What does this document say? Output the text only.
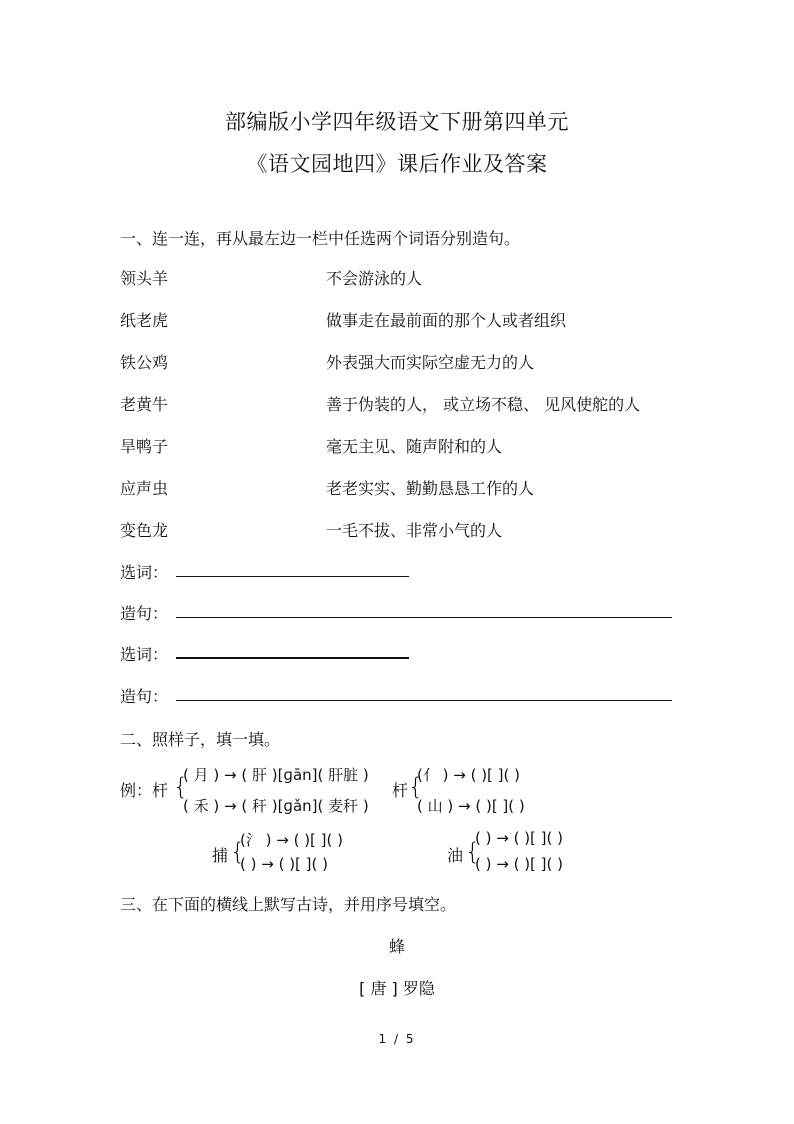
部编版小学四年级语文下册第四单元
《语文园地四》课后作业及答案
一、连一连，再从最左边一栏中任选两个词语分别造句。
领头羊
纸老虎
铁公鸡
老黄牛
旱鸭子
应声虫
变色龙
不会游泳的人
做事走在最前面的那个人或者组织
外表强大而实际空虚无力的人
善于伪装的人， 或立场不稳、 见风使舵的人
毫无主见、随声附和的人
老老实实、勤勤恳恳工作的人
一毛不拔、非常小气的人
选词：
造句：
选词：
造句：
二、照样子，填一填。
例：杆 {
( 月 ) → ( 肝 )[ɡān]( 肝脏 )
( 禾 ) → ( 秆 )[ɡǎn]( 麦秆 )
杆 {
(亻 ) → ( )[ ]( )
( 山 ) → ( )[ ]( )
捕 {
(氵 ) → ( )[ ]( )
( ) → ( )[ ]( )	油 {
( ) → ( )[ ]( )
( ) → ( )[ ]( )
三、在下面的横线上默写古诗，并用序号填空。
蜂
[ 唐 ] 罗隐
1 / 5
